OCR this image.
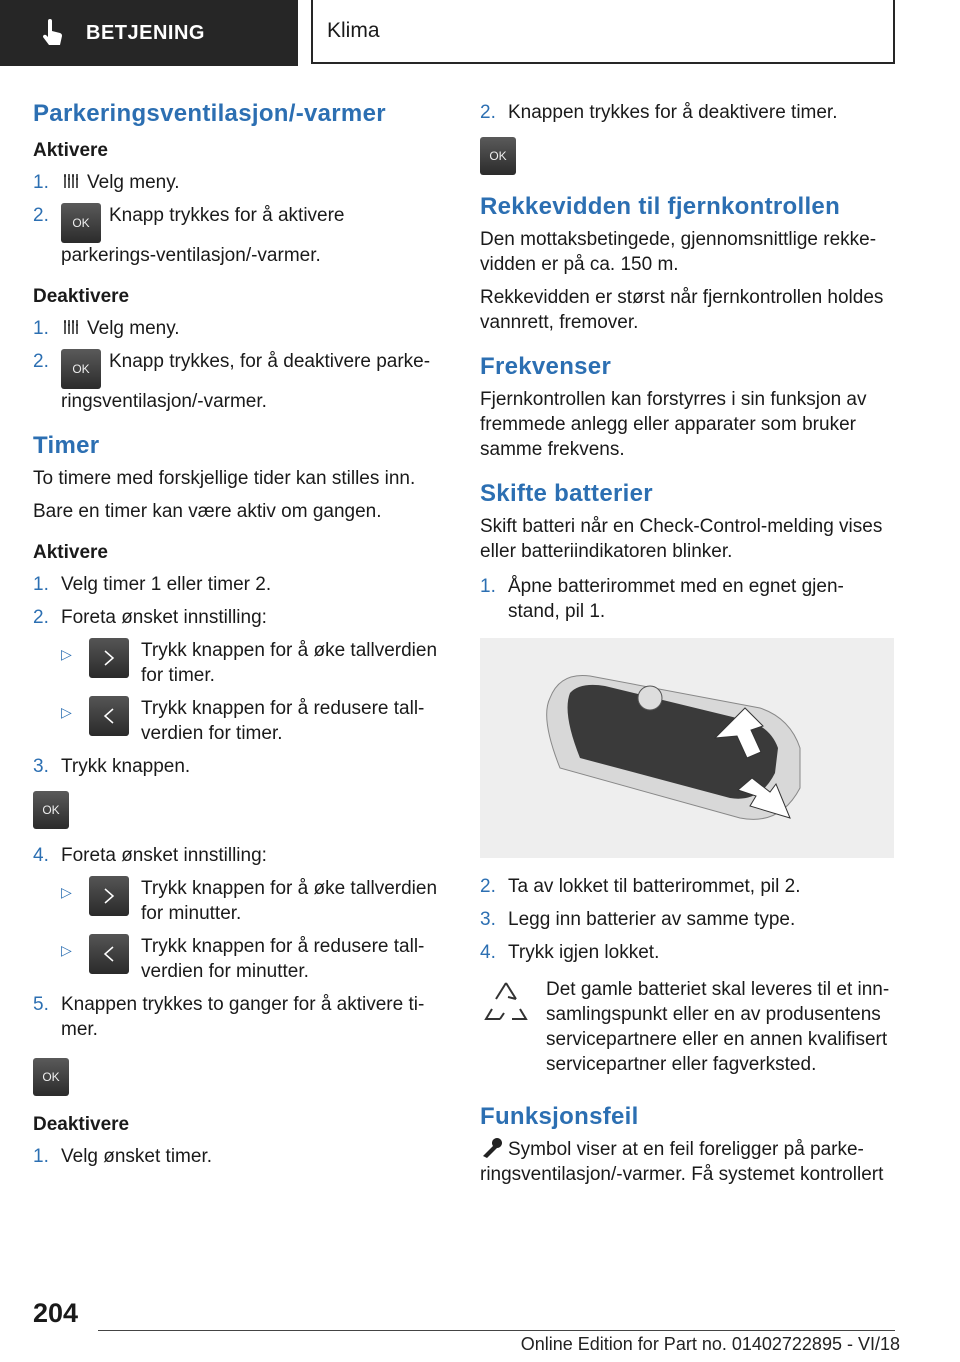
BETJENING	Klima
Parkeringsventilasjon/-varmer
Aktivere
1.	Velg meny.
2.	OK Knapp trykkes for å aktivere parkerings-ventilasjon/-varmer.
Deaktivere
1.	Velg meny.
2.	OK Knapp trykkes, for å deaktivere parke-ringsventilasjon/-varmer.
Timer

To timere med forskjellige tider kan stilles inn.

Bare en timer kan være aktiv om gangen.

Aktivere
1. Velg timer 1 eller timer 2.
2. Foreta ønsket innstilling:
▷	Trykk knappen for å øke tallverdien for timer.
▷	Trykk knappen for å redusere tall-verdien for timer.
3. Trykk knappen.
OK
4. Foreta ønsket innstilling:
▷	Trykk knappen for å øke tallverdien for minutter.
▷	Trykk knappen for å redusere tall-verdien for minutter.
5. Knappen trykkes to ganger for å aktivere ti-mer.
OK
Deaktivere
1. Velg ønsket timer.
2. Knappen trykkes for å deaktivere timer.
OK
Rekkevidden til fjernkontrollen

Den mottaksbetingede, gjennomsnittlige rekke-vidden er på ca. 150 m.

Rekkevidden er størst når fjernkontrollen holdes vannrett, fremover.

Frekvenser

Fjernkontrollen kan forstyrres i sin funksjon av fremmede anlegg eller apparater som bruker samme frekvens.

Skifte batterier

Skift batteri når en Check-Control-melding vises eller batteriindikatoren blinker.

1. Åpne batterirommet med en egnet gjen-stand, pil 1.
2. Ta av lokket til batterirommet, pil 2.
3. Legg inn batterier av samme type.
4. Trykk igjen lokket.
Det gamle batteriet skal leveres til et inn-samlingspunkt eller en av produsentens servicepartnere eller en annen kvalifisert servicepartner eller fagverksted.
Funksjonsfeil

Symbol viser at en feil foreligger på parke-ringsventilasjon/-varmer. Få systemet kontrollert

204
Online Edition for Part no. 01402722895 - VI/18
